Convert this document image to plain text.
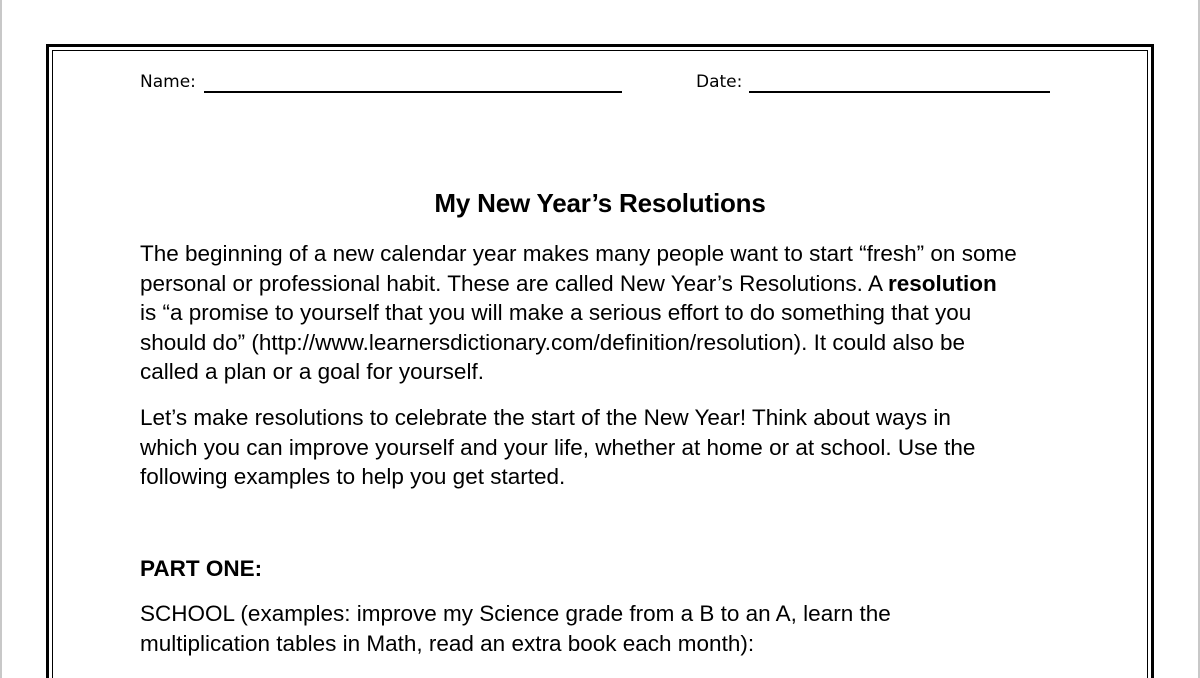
Name:	Date:
My New Year’s Resolutions
The beginning of a new calendar year makes many people want to start “fresh” on some
personal or professional habit. These are called New Year’s Resolutions. A resolution
is “a promise to yourself that you will make a serious effort to do something that you
should do” (http://www.learnersdictionary.com/definition/resolution). It could also be
called a plan or a goal for yourself.
Let’s make resolutions to celebrate the start of the New Year! Think about ways in
which you can improve yourself and your life, whether at home or at school. Use the
following examples to help you get started.
PART ONE:
SCHOOL (examples: improve my Science grade from a B to an A, learn the
multiplication tables in Math, read an extra book each month):
